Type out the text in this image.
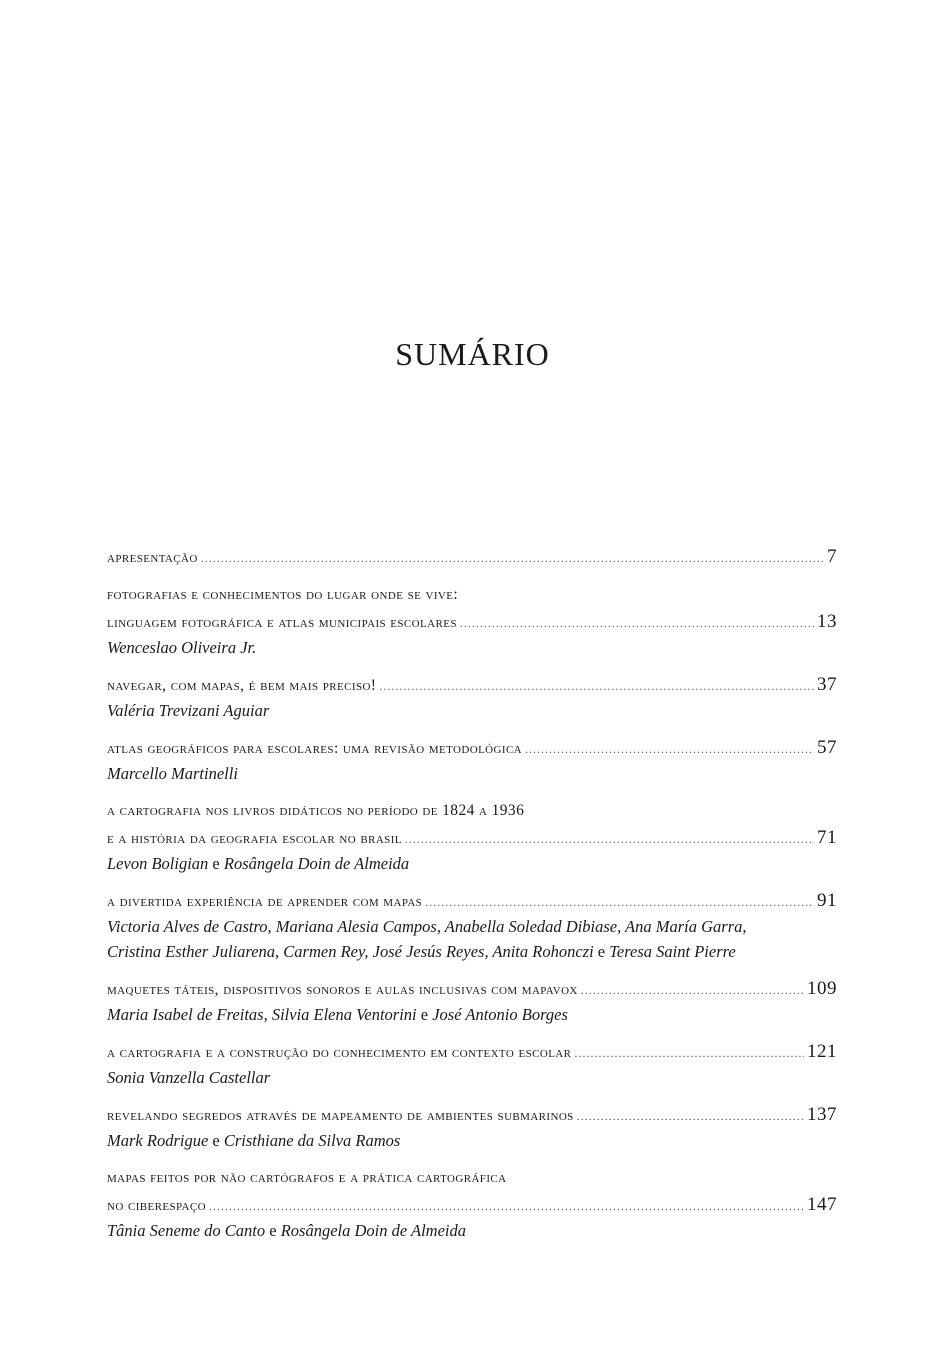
SUMÁRIO
apresentação .....	7
fotografias e conhecimentos do lugar onde se vive:
linguagem fotográfica e atlas municipais escolares .....	13
Wenceslao Oliveira Jr.
navegar, com mapas, é bem mais preciso! .....	37
Valéria Trevizani Aguiar
atlas geográficos para escolares: uma revisão metodológica .....	57
Marcello Martinelli
a cartografia nos livros didáticos no período de 1824 a 1936
e a história da geografia escolar no brasil .....	71
Levon Boligian e Rosângela Doin de Almeida
a divertida experiência de aprender com mapas .....	91
Victoria Alves de Castro, Mariana Alesia Campos, Anabella Soledad Dibiase, Ana María Garra,
Cristina Esther Juliarena, Carmen Rey, José Jesús Reyes, Anita Rohonczi e Teresa Saint Pierre
maquetes táteis, dispositivos sonoros e aulas inclusivas com mapavox .....	109
Maria Isabel de Freitas, Silvia Elena Ventorini e José Antonio Borges
a cartografia e a construção do conhecimento em contexto escolar .....	121
Sonia Vanzella Castellar
revelando segredos através de mapeamento de ambientes submarinos .....	137
Mark Rodrigue e Cristhiane da Silva Ramos
mapas feitos por não cartógrafos e a prática cartográfica
no ciberespaço .....	147
Tânia Seneme do Canto e Rosângela Doin de Almeida
